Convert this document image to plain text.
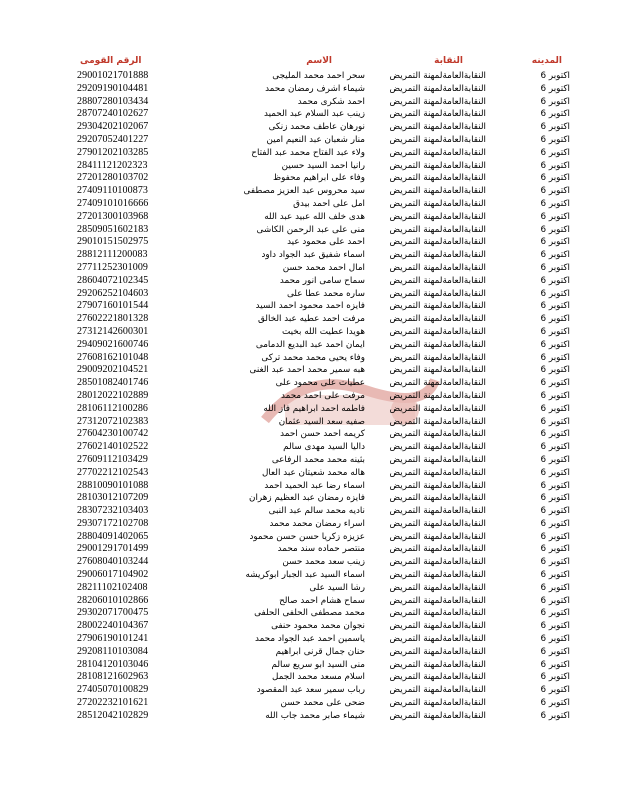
الرقم القومى	الاسم	النقابة	المدينه
29001021701888	سحر احمد محمد المليجى	النقابةالعامةلمهنة التمريض	اكتوبر 6
29209190104481	شيماء اشرف رمضان محمد	النقابةالعامةلمهنة التمريض	اكتوبر 6
28807280103434	احمد شكرى محمد	النقابةالعامةلمهنة التمريض	اكتوبر 6
28707240102627	زينب عبد السلام عبد الحميد	النقابةالعامةلمهنة التمريض	اكتوبر 6
29304202102067	نورهان عاطف محمد زنكى	النقابةالعامةلمهنة التمريض	اكتوبر 6
29207052401227	منار شعبان عبد النعيم امين	النقابةالعامةلمهنة التمريض	اكتوبر 6
27901202103285	ولاء عبد الفتاح محمد عبد الفتاح	النقابةالعامةلمهنة التمريض	اكتوبر 6
28411121202323	رانيا احمد السيد حسين	النقابةالعامةلمهنة التمريض	اكتوبر 6
27201280103702	وفاء على ابراهيم محفوظ	النقابةالعامةلمهنة التمريض	اكتوبر 6
27409110100873	سيد محروس عبد العزيز مصطفى	النقابةالعامةلمهنة التمريض	اكتوبر 6
27409101016666	امل على احمد بيدق	النقابةالعامةلمهنة التمريض	اكتوبر 6
27201300103968	هدى خلف الله عبيد عبد الله	النقابةالعامةلمهنة التمريض	اكتوبر 6
28509051602183	منى على عبد الرحمن الكاشى	النقابةالعامةلمهنة التمريض	اكتوبر 6
29010151502975	احمد على محمود عيد	النقابةالعامةلمهنة التمريض	اكتوبر 6
28812111200083	اسماء شفيق عبد الجواد داود	النقابةالعامةلمهنة التمريض	اكتوبر 6
27711252301009	امال احمد محمد حسن	النقابةالعامةلمهنة التمريض	اكتوبر 6
28604072102345	سماح سامى انور محمد	النقابةالعامةلمهنة التمريض	اكتوبر 6
29206252104603	ساره محمد عطا على	النقابةالعامةلمهنة التمريض	اكتوبر 6
27907160101544	فايزه احمد محمود احمد السيد	النقابةالعامةلمهنة التمريض	اكتوبر 6
27602221801328	مرفت احمد عطيه عبد الخالق	النقابةالعامةلمهنة التمريض	اكتوبر 6
27312142600301	هويدا عطيت الله بخيت	النقابةالعامةلمهنة التمريض	اكتوبر 6
29409021600746	ايمان احمد عبد البديع الدمامى	النقابةالعامةلمهنة التمريض	اكتوبر 6
27608162101048	وفاء يحيى محمد محمد تركى	النقابةالعامةلمهنة التمريض	اكتوبر 6
29009202104521	هبه سمير محمد احمد عبد الغنى	النقابةالعامةلمهنة التمريض	اكتوبر 6
28501082401746	عطيات على محمود على	النقابةالعامةلمهنة التمريض	اكتوبر 6
28012022102889	مرفت على احمد محمد	النقابةالعامةلمهنة التمريض	اكتوبر 6
28106112100286	فاطمه احمد ابراهيم فاز الله	النقابةالعامةلمهنة التمريض	اكتوبر 6
27312072102383	صفيه سعد السيد عثمان	النقابةالعامةلمهنة التمريض	اكتوبر 6
27604230100742	كريمه احمد حسن احمد	النقابةالعامةلمهنة التمريض	اكتوبر 6
27602140102522	داليا السيد مهدى سالم	النقابةالعامةلمهنة التمريض	اكتوبر 6
27609112103429	بثينه محمد محمد الرفاعى	النقابةالعامةلمهنة التمريض	اكتوبر 6
27702212102543	هاله محمد شعيتان عبد العال	النقابةالعامةلمهنة التمريض	اكتوبر 6
28810090101088	اسماء رضا عبد الحميد احمد	النقابةالعامةلمهنة التمريض	اكتوبر 6
28103012107209	فايزه رمضان عبد العظيم زهران	النقابةالعامةلمهنة التمريض	اكتوبر 6
28307232103403	ناديه محمد سالم عبد النبى	النقابةالعامةلمهنة التمريض	اكتوبر 6
29307172102708	اسراء رمضان محمد محمد	النقابةالعامةلمهنة التمريض	اكتوبر 6
28804091402065	عزيزه زكريا حسن حسن محمود	النقابةالعامةلمهنة التمريض	اكتوبر 6
29001291701499	منتصر حماده سند محمد	النقابةالعامةلمهنة التمريض	اكتوبر 6
27608040103244	زينب سعد محمد حسن	النقابةالعامةلمهنة التمريض	اكتوبر 6
29006017104902	اسماء السيد عبد الجبار ابوكريشه	النقابةالعامةلمهنة التمريض	اكتوبر 6
28211102102408	رشا السيد على	النقابةالعامةلمهنة التمريض	اكتوبر 6
28206010102866	سماح هشام احمد صالح	النقابةالعامةلمهنة التمريض	اكتوبر 6
29302071700475	محمد مصطفى الحلفى الحلفى	النقابةالعامةلمهنة التمريض	اكتوبر 6
28002240104367	نجوان محمد محمود حنفى	النقابةالعامةلمهنة التمريض	اكتوبر 6
27906190101241	ياسمين احمد عبد الجواد محمد	النقابةالعامةلمهنة التمريض	اكتوبر 6
29208110103084	حنان جمال قرنى ابراهيم	النقابةالعامةلمهنة التمريض	اكتوبر 6
28104120103046	منى السيد ابو سريع سالم	النقابةالعامةلمهنة التمريض	اكتوبر 6
28108121602963	اسلام مسعد محمد الجمل	النقابةالعامةلمهنة التمريض	اكتوبر 6
27405070100829	رباب سمير سعد عبد المقصود	النقابةالعامةلمهنة التمريض	اكتوبر 6
27202232101621	ضحى على محمد حسن	النقابةالعامةلمهنة التمريض	اكتوبر 6
28512042102829	شيماء صابر محمد جاب الله	النقابةالعامةلمهنة التمريض	اكتوبر 6
